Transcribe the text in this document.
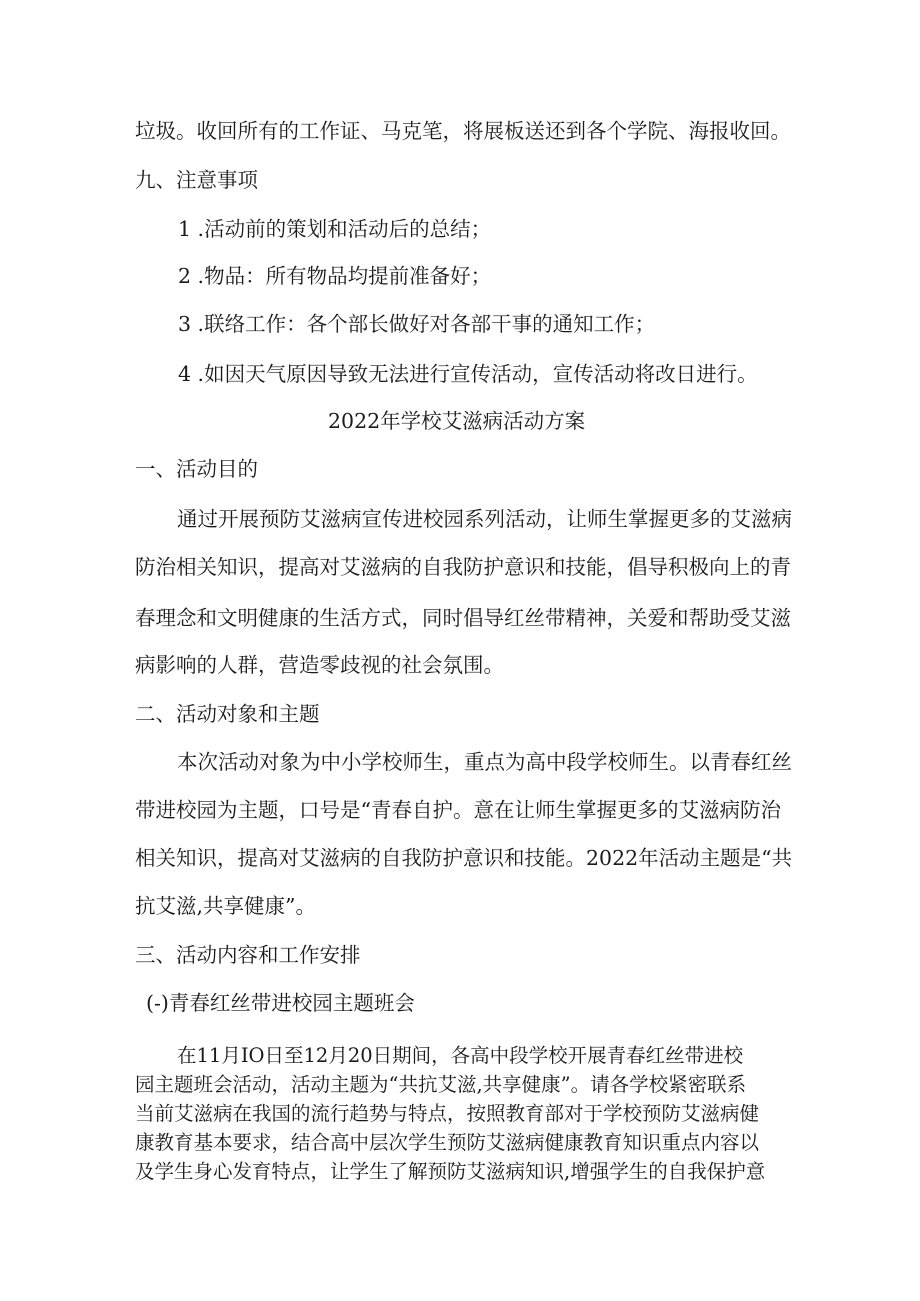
垃圾。收回所有的工作证、马克笔，将展板送还到各个学院、海报收回。
九、注意事项
1 .活动前的策划和活动后的总结；
2 .物品：所有物品均提前准备好；
3 .联络工作：各个部长做好对各部干事的通知工作；
4 .如因天气原因导致无法进行宣传活动，宣传活动将改日进行。
2022年学校艾滋病活动方案
一、活动目的
通过开展预防艾滋病宣传进校园系列活动，让师生掌握更多的艾滋病
防治相关知识，提高对艾滋病的自我防护意识和技能，倡导积极向上的青
春理念和文明健康的生活方式，同时倡导红丝带精神，关爱和帮助受艾滋
病影响的人群，营造零歧视的社会氛围。
二、活动对象和主题
本次活动对象为中小学校师生，重点为高中段学校师生。以青春红丝
带进校园为主题，口号是“青春自护。意在让师生掌握更多的艾滋病防治
相关知识，提高对艾滋病的自我防护意识和技能。2022年活动主题是“共
抗艾滋,共享健康”。
三、活动内容和工作安排
(-)青春红丝带进校园主题班会
在11月IO日至12月20日期间，各高中段学校开展青春红丝带进校
园主题班会活动，活动主题为“共抗艾滋,共享健康”。请各学校紧密联系
当前艾滋病在我国的流行趋势与特点，按照教育部对于学校预防艾滋病健
康教育基本要求，结合高中层次学生预防艾滋病健康教育知识重点内容以
及学生身心发育特点，让学生了解预防艾滋病知识,增强学生的自我保护意
